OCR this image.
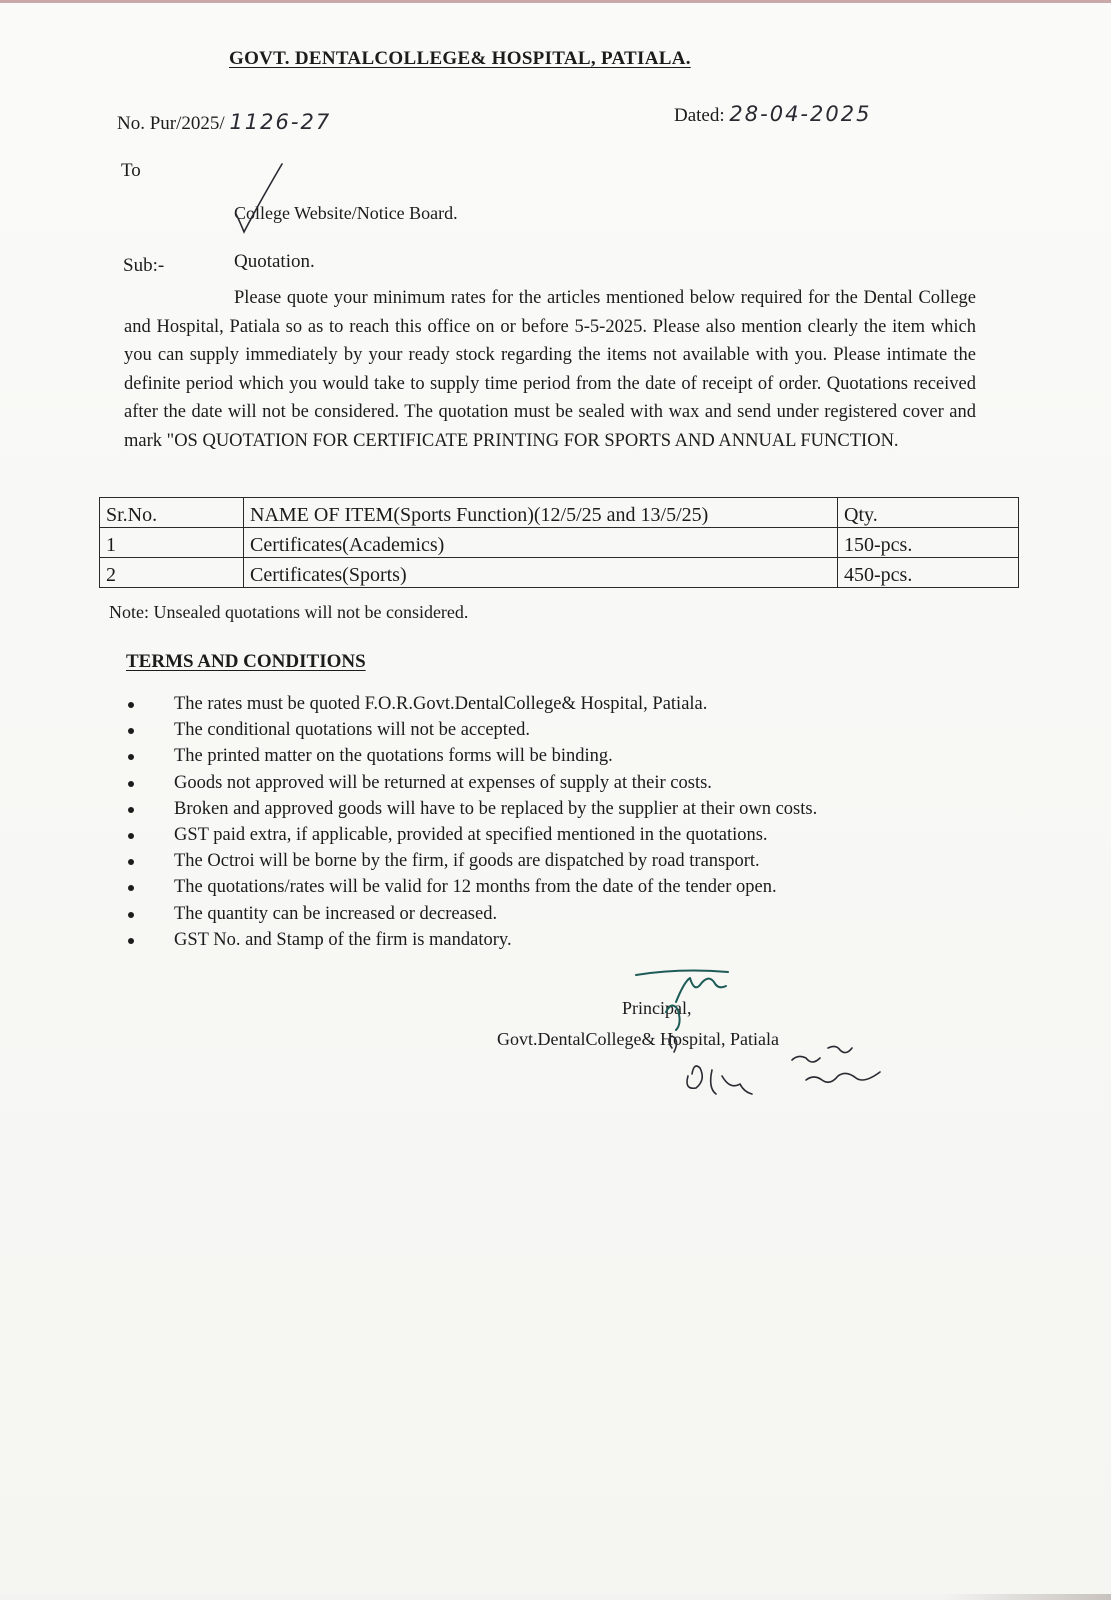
GOVT. DENTALCOLLEGE& HOSPITAL, PATIALA.
No. Pur/2025/ 1126-27	Dated: 28-04-2025
To
College Website/Notice Board.
Sub:-	Quotation.

Please quote your minimum rates for the articles mentioned below required for the Dental College and Hospital, Patiala so as to reach this office on or before 5-5-2025. Please also mention clearly the item which you can supply immediately by your ready stock regarding the items not available with you. Please intimate the definite period which you would take to supply time period from the date of receipt of order. Quotations received after the date will not be considered. The quotation must be sealed with wax and send under registered cover and mark "OS QUOTATION FOR CERTIFICATE PRINTING FOR SPORTS AND ANNUAL FUNCTION.

Sr.No.	NAME OF ITEM(Sports Function)(12/5/25 and 13/5/25)	Qty.
1	Certificates(Academics)	150-pcs.
2	Certificates(Sports)	450-pcs.
Note: Unsealed quotations will not be considered.
TERMS AND CONDITIONS
The rates must be quoted F.O.R.Govt.DentalCollege& Hospital, Patiala.
The conditional quotations will not be accepted.
The printed matter on the quotations forms will be binding.
Goods not approved will be returned at expenses of supply at their costs.
Broken and approved goods will have to be replaced by the supplier at their own costs.
GST paid extra, if applicable, provided at specified mentioned in the quotations.
The Octroi will be borne by the firm, if goods are dispatched by road transport.
The quotations/rates will be valid for 12 months from the date of the tender open.
The quantity can be increased or decreased.
GST No. and Stamp of the firm is mandatory.
Principal,
Govt.DentalCollege& Hospital, Patiala
